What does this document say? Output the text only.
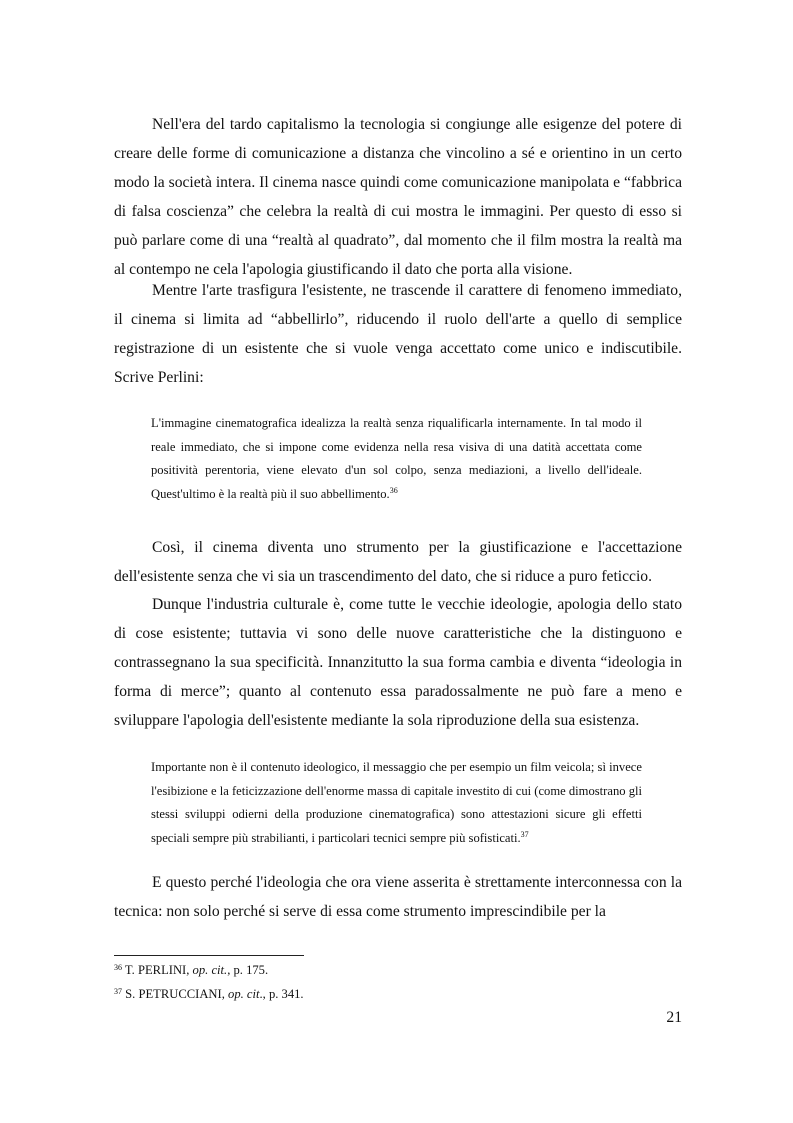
Nell'era del tardo capitalismo la tecnologia si congiunge alle esigenze del potere di creare delle forme di comunicazione a distanza che vincolino a sé e orientino in un certo modo la società intera. Il cinema nasce quindi come comunicazione manipolata e “fabbrica di falsa coscienza” che celebra la realtà di cui mostra le immagini. Per questo di esso si può parlare come di una “realtà al quadrato”, dal momento che il film mostra la realtà ma al contempo ne cela l'apologia giustificando il dato che porta alla visione.

Mentre l'arte trasfigura l'esistente, ne trascende il carattere di fenomeno immediato, il cinema si limita ad “abbellirlo”, riducendo il ruolo dell'arte a quello di semplice registrazione di un esistente che si vuole venga accettato come unico e indiscutibile. Scrive Perlini:

L'immagine cinematografica idealizza la realtà senza riqualificarla internamente. In tal modo il reale immediato, che si impone come evidenza nella resa visiva di una datità accettata come positività perentoria, viene elevato d'un sol colpo, senza mediazioni, a livello dell'ideale. Quest'ultimo è la realtà più il suo abbellimento.$^{36}$

Così, il cinema diventa uno strumento per la giustificazione e l'accettazione dell'esistente senza che vi sia un trascendimento del dato, che si riduce a puro feticcio.

Dunque l'industria culturale è, come tutte le vecchie ideologie, apologia dello stato di cose esistente; tuttavia vi sono delle nuove caratteristiche che la distinguono e contrassegnano la sua specificità. Innanzitutto la sua forma cambia e diventa “ideologia in forma di merce”; quanto al contenuto essa paradossalmente ne può fare a meno e sviluppare l'apologia dell'esistente mediante la sola riproduzione della sua esistenza.

Importante non è il contenuto ideologico, il messaggio che per esempio un film veicola; sì invece l'esibizione e la feticizzazione dell'enorme massa di capitale investito di cui (come dimostrano gli stessi sviluppi odierni della produzione cinematografica) sono attestazioni sicure gli effetti speciali sempre più strabilianti, i particolari tecnici sempre più sofisticati.$^{37}$

E questo perché l'ideologia che ora viene asserita è strettamente interconnessa con la tecnica: non solo perché si serve di essa come strumento imprescindibile per la

$^{36}$ T. PERLINI, op. cit., p. 175.

$^{37}$ S. PETRUCCIANI, op. cit., p. 341.

21
